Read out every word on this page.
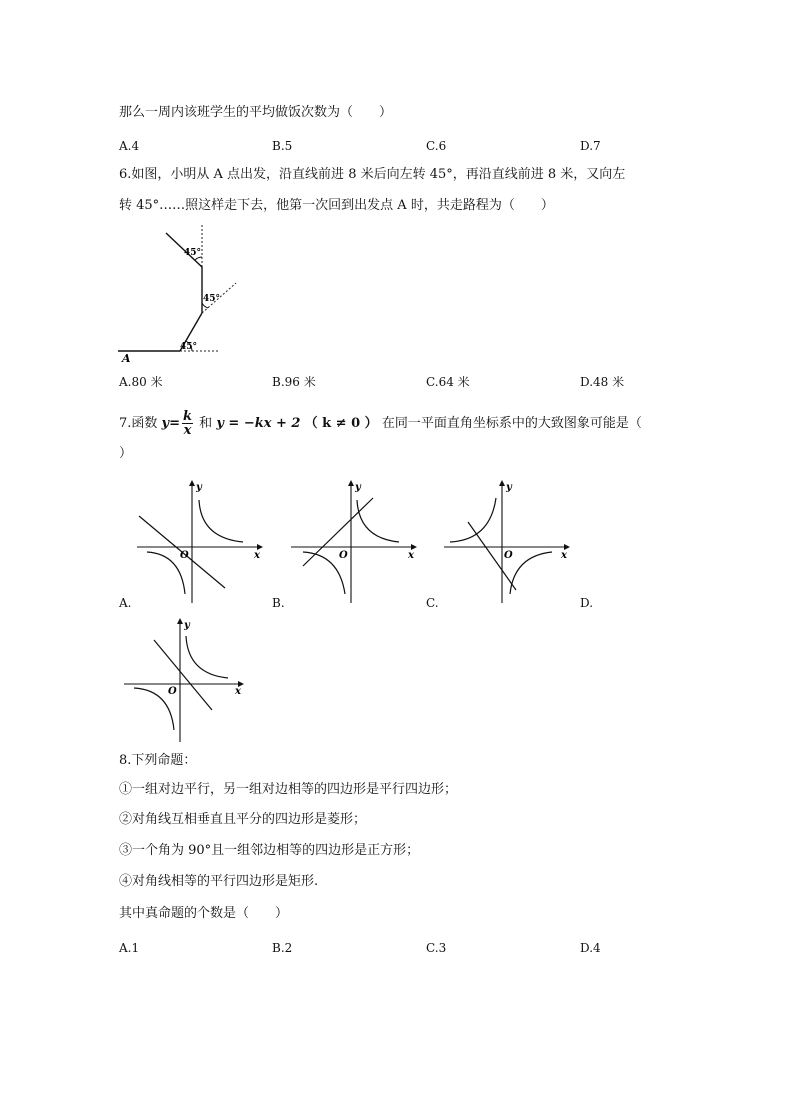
那么一周内该班学生的平均做饭次数为（　　）
A.4	B.5	C.6	D.7
6.如图，小明从 A 点出发，沿直线前进 8 米后向左转 45°，再沿直线前进 8 米，又向左
转 45°……照这样走下去，他第一次回到出发点 A 时，共走路程为（　　）
A
45°
45°
45°
A.80 米	B.96 米	C.64 米	D.48 米
7.函数 $y= \frac{k}{x}$ 和 y = −kx + 2 （ k ≠ 0 ） 在同一平面直角坐标系中的大致图象可能是（
）
y
x
O
A.
y
x
O
B.
y
x
O
C.	D.
y
x
O
8.下列命题：
①一组对边平行，另一组对边相等的四边形是平行四边形；
②对角线互相垂直且平分的四边形是菱形；
③一个角为 90°且一组邻边相等的四边形是正方形；
④对角线相等的平行四边形是矩形.
其中真命题的个数是（　　）
A.1	B.2	C.3	D.4
